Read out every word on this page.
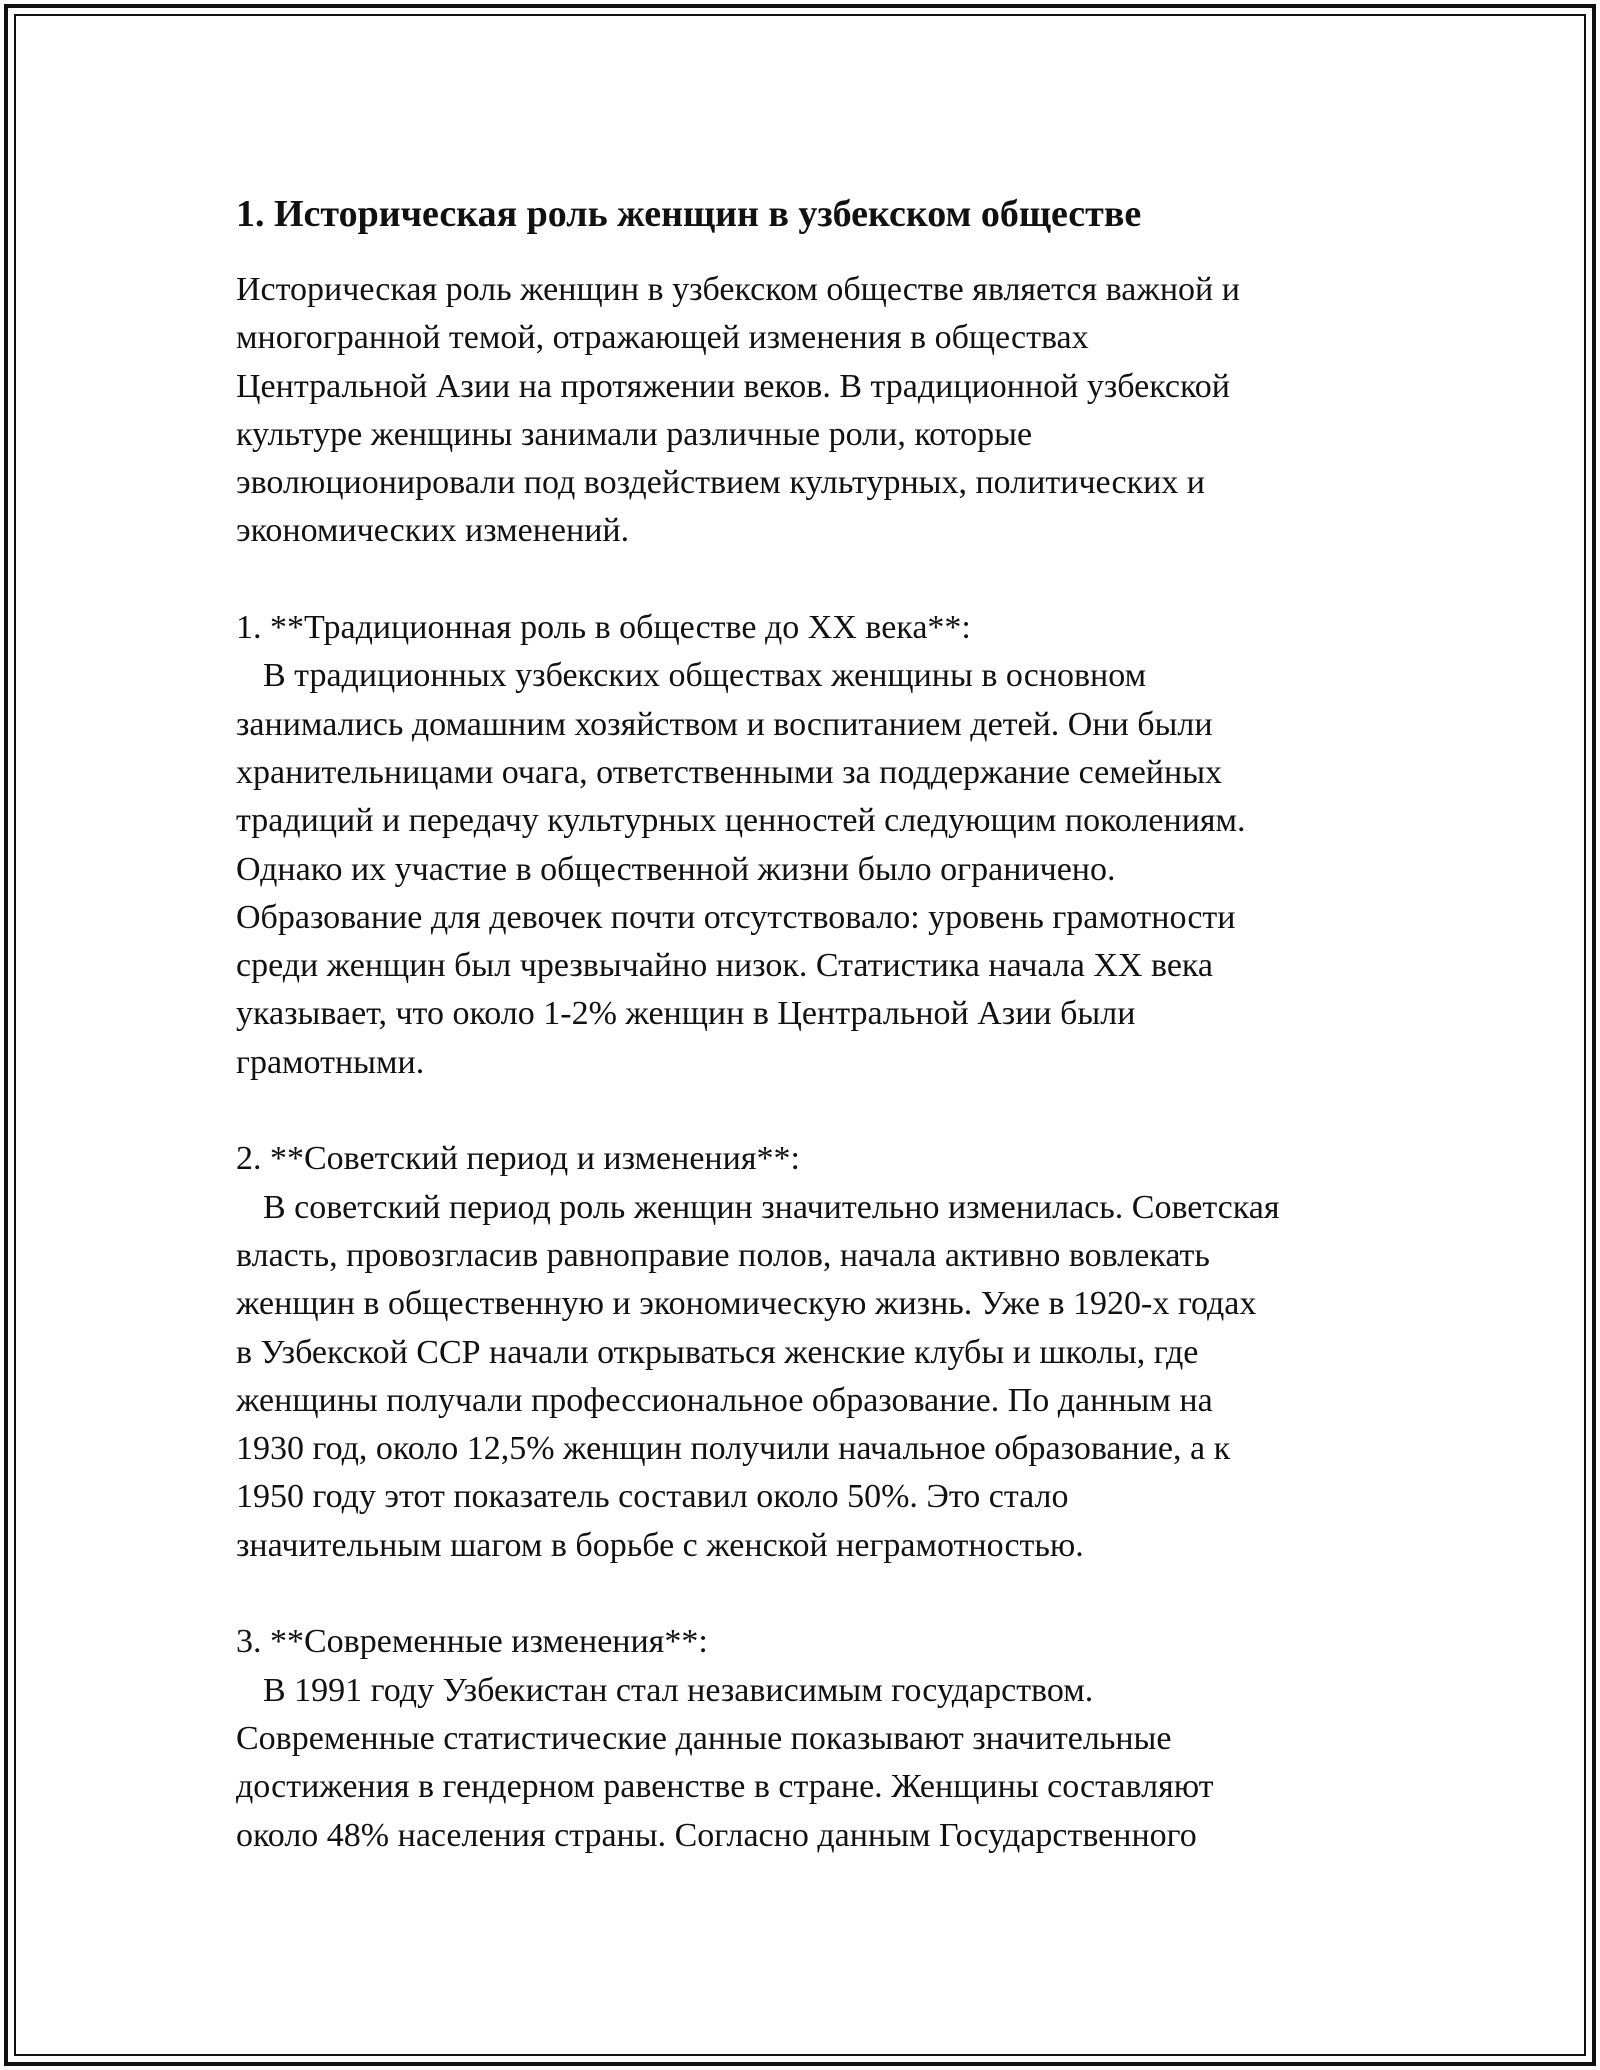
1. Историческая роль женщин в узбекском обществе
Историческая роль женщин в узбекском обществе является важной и
многогранной темой, отражающей изменения в обществах
Центральной Азии на протяжении веков. В традиционной узбекской
культуре женщины занимали различные роли, которые
эволюционировали под воздействием культурных, политических и
экономических изменений.
1. **Традиционная роль в обществе до XX века**:
В традиционных узбекских обществах женщины в основном
занимались домашним хозяйством и воспитанием детей. Они были
хранительницами очага, ответственными за поддержание семейных
традиций и передачу культурных ценностей следующим поколениям.
Однако их участие в общественной жизни было ограничено.
Образование для девочек почти отсутствовало: уровень грамотности
среди женщин был чрезвычайно низок. Статистика начала XX века
указывает, что около 1-2% женщин в Центральной Азии были
грамотными.
2. **Советский период и изменения**:
В советский период роль женщин значительно изменилась. Советская
власть, провозгласив равноправие полов, начала активно вовлекать
женщин в общественную и экономическую жизнь. Уже в 1920-х годах
в Узбекской ССР начали открываться женские клубы и школы, где
женщины получали профессиональное образование. По данным на
1930 год, около 12,5% женщин получили начальное образование, а к
1950 году этот показатель составил около 50%. Это стало
значительным шагом в борьбе с женской неграмотностью.
3. **Современные изменения**:
В 1991 году Узбекистан стал независимым государством.
Современные статистические данные показывают значительные
достижения в гендерном равенстве в стране. Женщины составляют
около 48% населения страны. Согласно данным Государственного
